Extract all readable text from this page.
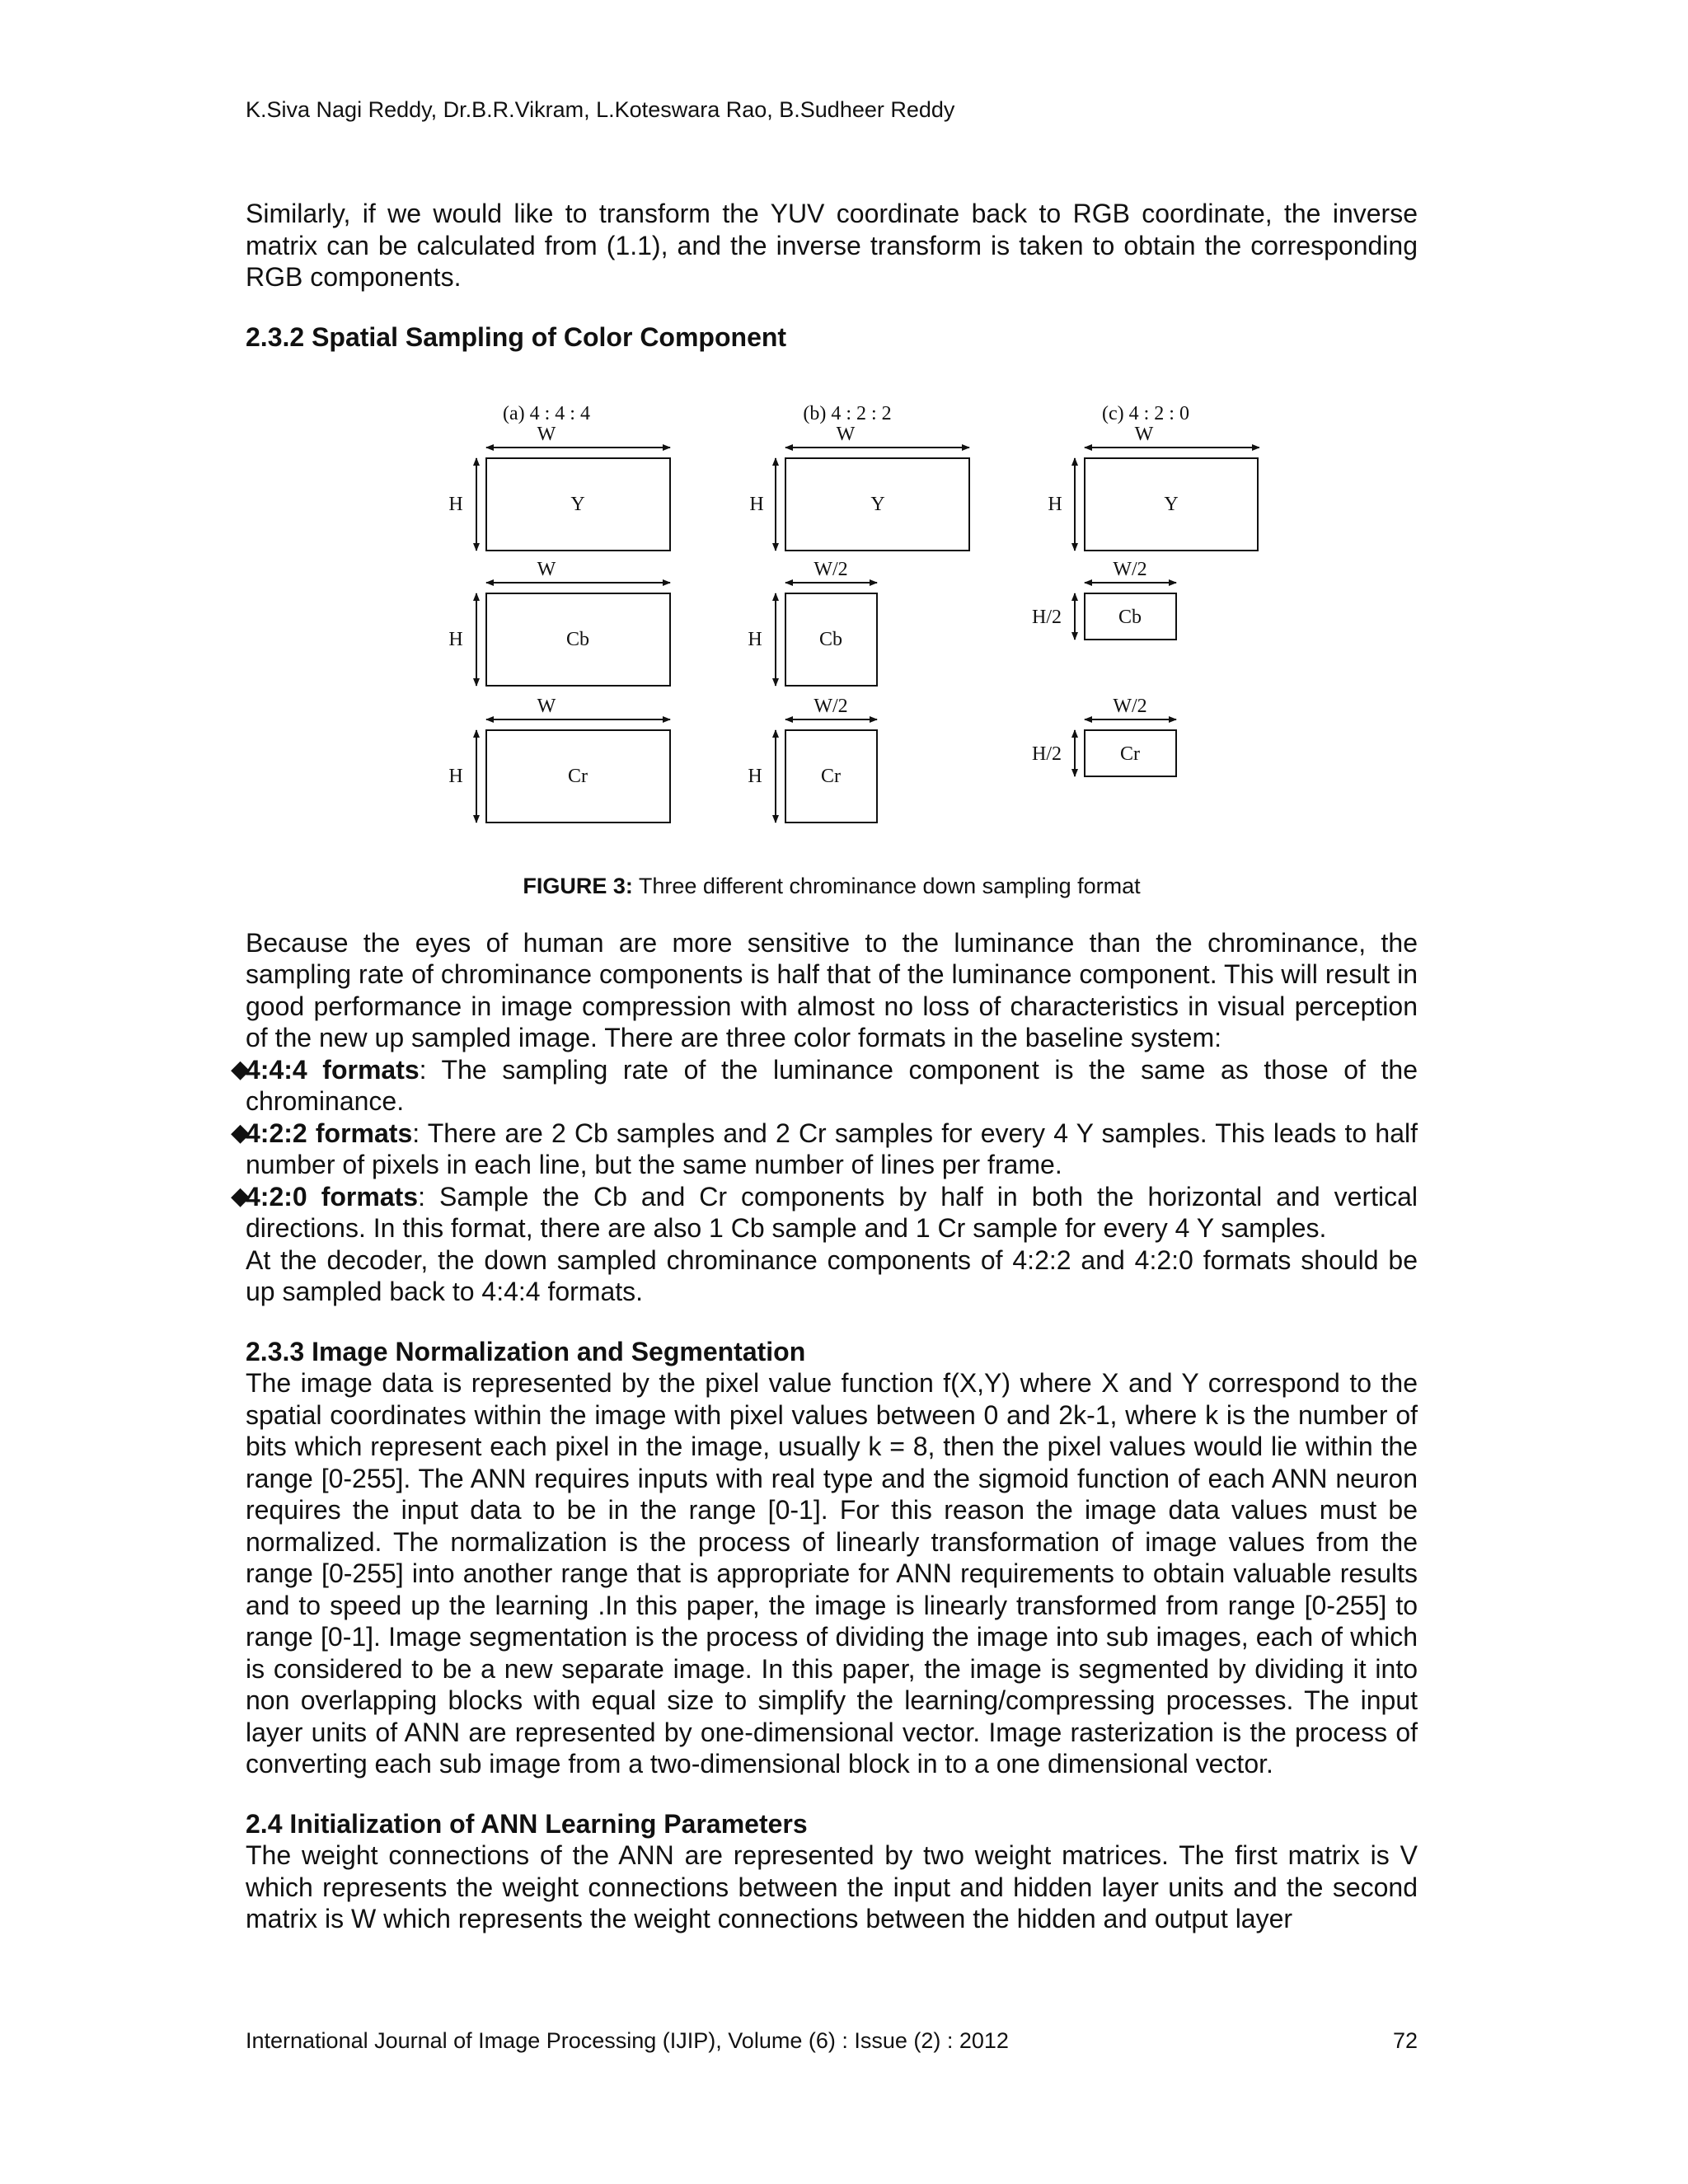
K.Siva Nagi Reddy, Dr.B.R.Vikram, L.Koteswara Rao, B.Sudheer Reddy

Similarly, if we would like to transform the YUV coordinate back to RGB coordinate, the inverse matrix can be calculated from (1.1), and the inverse transform is taken to obtain the corresponding RGB components.

2.3.2 Spatial Sampling of Color Component

(a) 4 : 4 : 4
W
Y
H
W
Cb
H
W
Cr
H
(b) 4 : 2 : 2
W
Y
H
W/2
Cb
H
W/2
Cr
H
(c) 4 : 2 : 0
W
Y
H
W/2
Cb
H/2
W/2
Cr
H/2
FIGURE 3: Three different chrominance down sampling format

Because the eyes of human are more sensitive to the luminance than the chrominance, the sampling rate of chrominance components is half that of the luminance component. This will result in good performance in image compression with almost no loss of characteristics in visual perception of the new up sampled image. There are three color formats in the baseline system:

◆
4:4:4 formats: The sampling rate of the luminance component is the same as those of the chrominance.

◆
4:2:2 formats: There are 2 Cb samples and 2 Cr samples for every 4 Y samples. This leads to half number of pixels in each line, but the same number of lines per frame.

◆
4:2:0 formats: Sample the Cb and Cr components by half in both the horizontal and vertical directions. In this format, there are also 1 Cb sample and 1 Cr sample for every 4 Y samples.

At the decoder, the down sampled chrominance components of 4:2:2 and 4:2:0 formats should be up sampled back to 4:4:4 formats.

2.3.3 Image Normalization and Segmentation

The image data is represented by the pixel value function f(X,Y) where X and Y correspond to the spatial coordinates within the image with pixel values between 0 and 2k-1, where k is the number of bits which represent each pixel in the image, usually k = 8, then the pixel values would lie within the range [0-255]. The ANN requires inputs with real type and the sigmoid function of each ANN neuron requires the input data to be in the range [0-1]. For this reason the image data values must be normalized. The normalization is the process of linearly transformation of image values from the range [0-255] into another range that is appropriate for ANN requirements to obtain valuable results and to speed up the learning .In this paper, the image is linearly transformed from range [0-255] to range [0-1]. Image segmentation is the process of dividing the image into sub images, each of which is considered to be a new separate image. In this paper, the image is segmented by dividing it into non overlapping blocks with equal size to simplify the learning/compressing processes. The input layer units of ANN are represented by one-dimensional vector. Image rasterization is the process of converting each sub image from a two-dimensional block in to a one dimensional vector.

2.4 Initialization of ANN Learning Parameters

The weight connections of the ANN are represented by two weight matrices. The first matrix is V which represents the weight connections between the input and hidden layer units and the second matrix is W which represents the weight connections between the hidden and output layer

International Journal of Image Processing (IJIP), Volume (6) : Issue (2) : 2012	72
